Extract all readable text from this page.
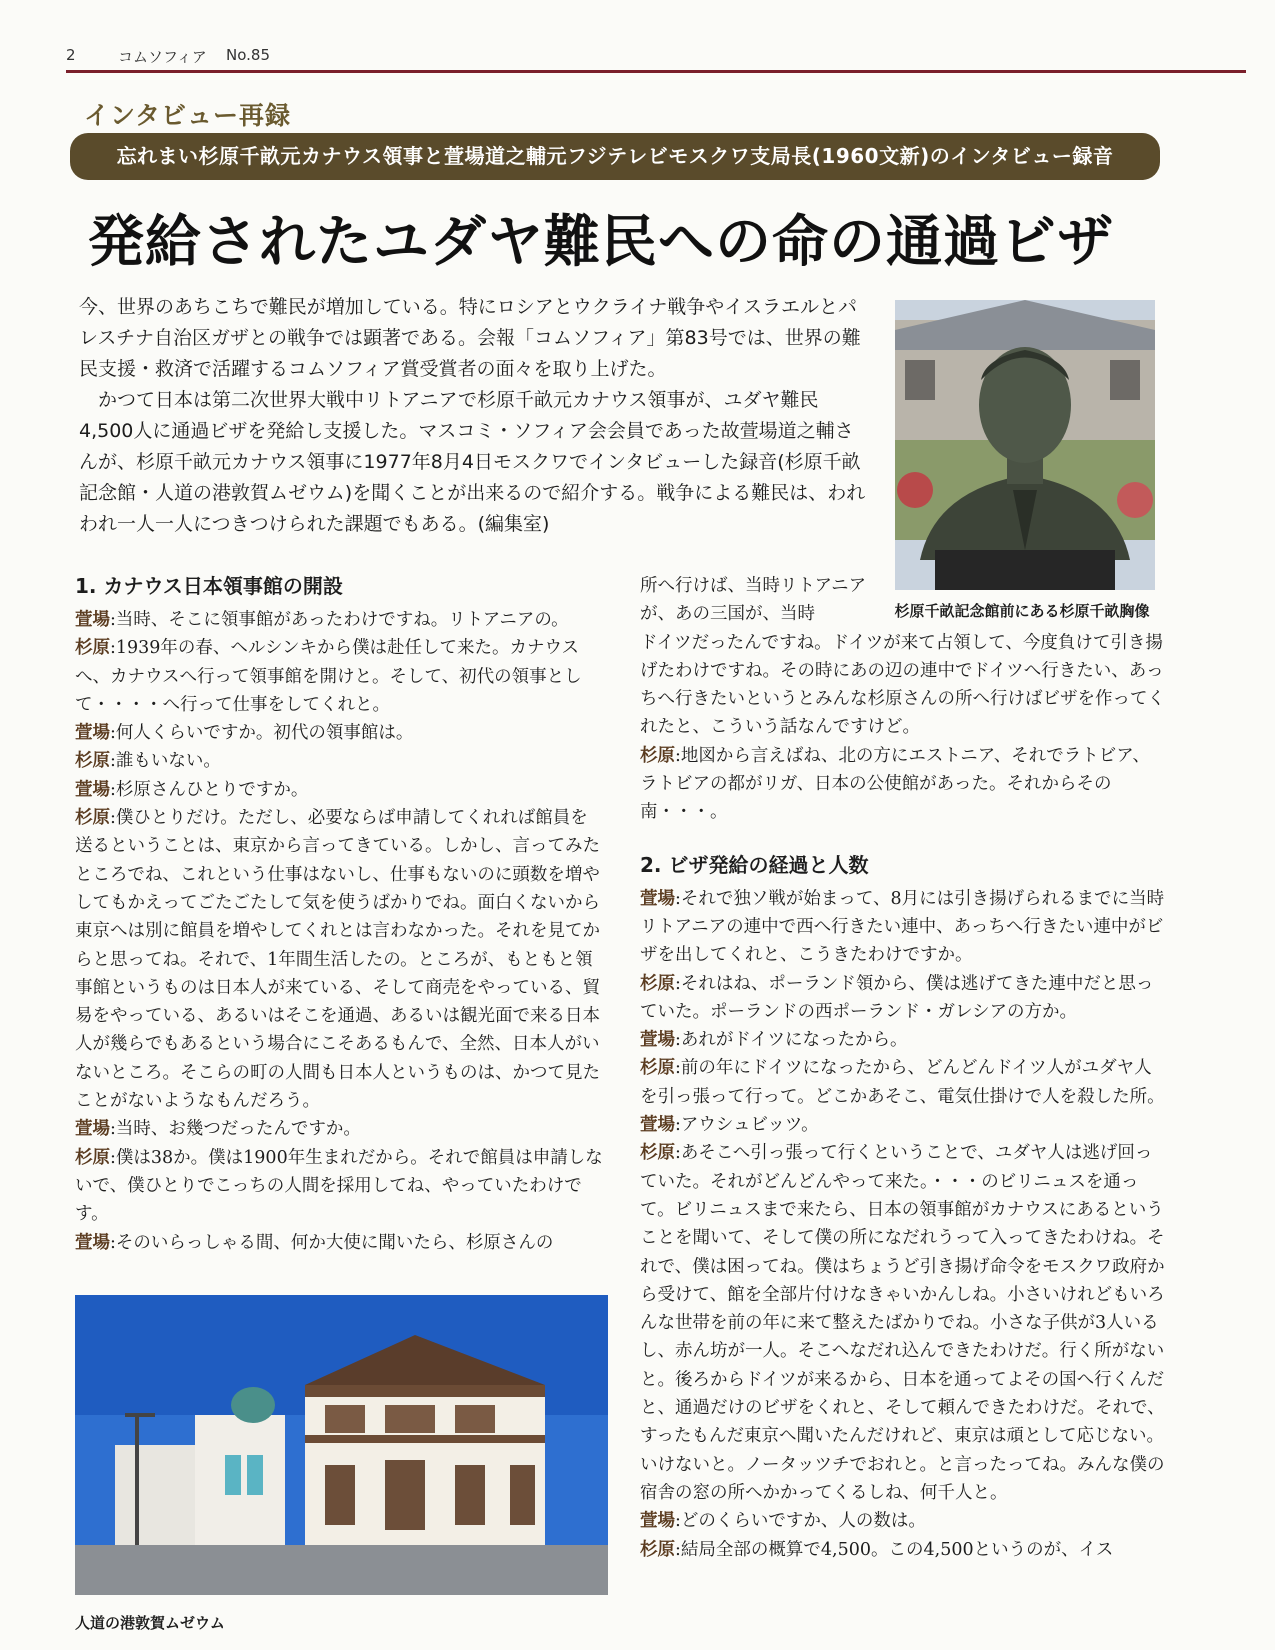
2	コムソフィア No.85
インタビュー再録
忘れまい杉原千畝元カナウス領事と萱場道之輔元フジテレビモスクワ支局長(1960文新)のインタビュー録音
発給されたユダヤ難民への命の通過ビザ

今、世界のあちこちで難民が増加している。特にロシアとウクライナ戦争やイスラエルとパレスチナ自治区ガザとの戦争では顕著である。会報「コムソフィア」第83号では、世界の難民支援・救済で活躍するコムソフィア賞受賞者の面々を取り上げた。

かつて日本は第二次世界大戦中リトアニアで杉原千畝元カナウス領事が、ユダヤ難民4,500人に通過ビザを発給し支援した。マスコミ・ソフィア会会員であった故萱場道之輔さんが、杉原千畝元カナウス領事に1977年8月4日モスクワでインタビューした録音(杉原千畝記念館・人道の港敦賀ムゼウム)を聞くことが出来るので紹介する。戦争による難民は、われわれ一人一人につきつけられた課題でもある。(編集室)

杉原千畝記念館前にある杉原千畝胸像
1. カナウス日本領事館の開設

萱場:当時、そこに領事館があったわけですね。リトアニアの。

杉原:1939年の春、ヘルシンキから僕は赴任して来た。カナウスへ、カナウスへ行って領事館を開けと。そして、初代の領事として・・・・へ行って仕事をしてくれと。

萱場:何人くらいですか。初代の領事館は。

杉原:誰もいない。

萱場:杉原さんひとりですか。

杉原:僕ひとりだけ。ただし、必要ならば申請してくれれば館員を送るということは、東京から言ってきている。しかし、言ってみたところでね、これという仕事はないし、仕事もないのに頭数を増やしてもかえってごたごたして気を使うばかりでね。面白くないから東京へは別に館員を増やしてくれとは言わなかった。それを見てからと思ってね。それで、1年間生活したの。ところが、もともと領事館というものは日本人が来ている、そして商売をやっている、貿易をやっている、あるいはそこを通過、あるいは観光面で来る日本人が幾らでもあるという場合にこそあるもんで、全然、日本人がいないところ。そこらの町の人間も日本人というものは、かつて見たことがないようなもんだろう。

萱場:当時、お幾つだったんですか。

杉原:僕は38か。僕は1900年生まれだから。それで館員は申請しないで、僕ひとりでこっちの人間を採用してね、やっていたわけです。

萱場:そのいらっしゃる間、何か大使に聞いたら、杉原さんの

所へ行けば、当時リトアニアが、あの三国が、当時

ドイツだったんですね。ドイツが来て占領して、今度負けて引き揚げたわけですね。その時にあの辺の連中でドイツへ行きたい、あっちへ行きたいというとみんな杉原さんの所へ行けばビザを作ってくれたと、こういう話なんですけど。

杉原:地図から言えばね、北の方にエストニア、それでラトビア、ラトビアの都がリガ、日本の公使館があった。それからその南・・・。

2. ビザ発給の経過と人数

萱場:それで独ソ戦が始まって、8月には引き揚げられるまでに当時リトアニアの連中で西へ行きたい連中、あっちへ行きたい連中がビザを出してくれと、こうきたわけですか。

杉原:それはね、ポーランド領から、僕は逃げてきた連中だと思っていた。ポーランドの西ポーランド・ガレシアの方か。

萱場:あれがドイツになったから。

杉原:前の年にドイツになったから、どんどんドイツ人がユダヤ人を引っ張って行って。どこかあそこ、電気仕掛けで人を殺した所。

萱場:アウシュビッツ。

杉原:あそこへ引っ張って行くということで、ユダヤ人は逃げ回っていた。それがどんどんやって来た。・・・のビリニュスを通って。ビリニュスまで来たら、日本の領事館がカナウスにあるということを聞いて、そして僕の所になだれうって入ってきたわけね。それで、僕は困ってね。僕はちょうど引き揚げ命令をモスクワ政府から受けて、館を全部片付けなきゃいかんしね。小さいけれどもいろんな世帯を前の年に来て整えたばかりでね。小さな子供が3人いるし、赤ん坊が一人。そこへなだれ込んできたわけだ。行く所がないと。後ろからドイツが来るから、日本を通ってよその国へ行くんだと、通過だけのビザをくれと、そして頼んできたわけだ。それで、すったもんだ東京へ聞いたんだけれど、東京は頑として応じない。いけないと。ノータッツチでおれと。と言ったってね。みんな僕の宿舎の窓の所へかかってくるしね、何千人と。

萱場:どのくらいですか、人の数は。

杉原:結局全部の概算で4,500。この4,500というのが、イス

人道の港敦賀ムゼウム
